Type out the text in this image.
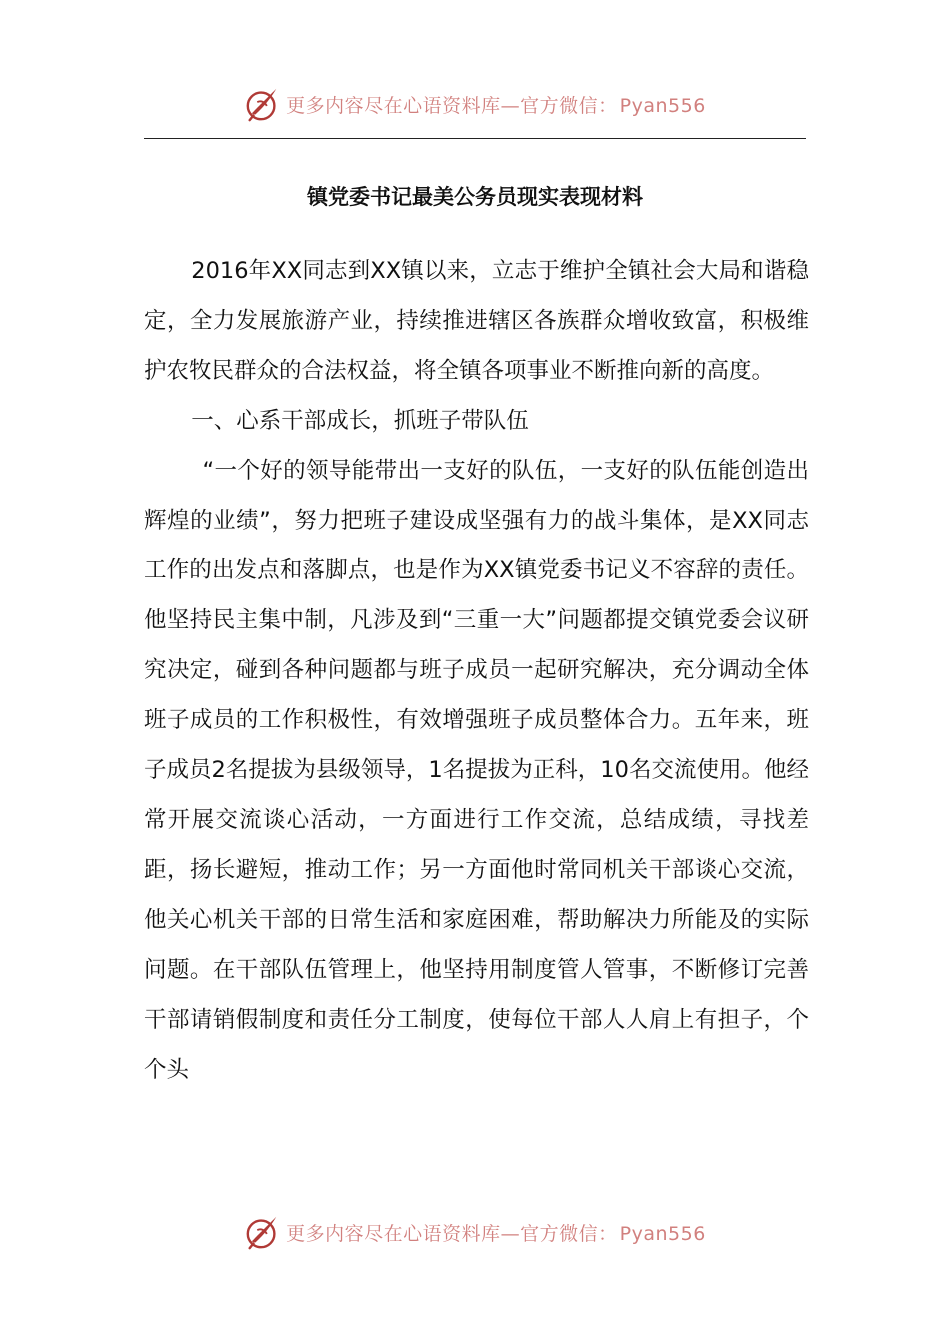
更多内容尽在心语资料库—官方微信： Pyan556
镇党委书记最美公务员现实表现材料

2016年XX同志到XX镇以来，立志于维护全镇社会大局和谐稳定，全力发展旅游产业，持续推进辖区各族群众增收致富，积极维护农牧民群众的合法权益，将全镇各项事业不断推向新的高度。

一、心系干部成长，抓班子带队伍

“一个好的领导能带出一支好的队伍，一支好的队伍能创造出辉煌的业绩”，努力把班子建设成坚强有力的战斗集体，是XX同志工作的出发点和落脚点，也是作为XX镇党委书记义不容辞的责任。他坚持民主集中制，凡涉及到“三重一大”问题都提交镇党委会议研究决定，碰到各种问题都与班子成员一起研究解决，充分调动全体班子成员的工作积极性，有效增强班子成员整体合力。五年来，班子成员2名提拔为县级领导，1名提拔为正科，10名交流使用。他经常开展交流谈心活动，一方面进行工作交流，总结成绩，寻找差距，扬长避短，推动工作；另一方面他时常同机关干部谈心交流，他关心机关干部的日常生活和家庭困难，帮助解决力所能及的实际问题。在干部队伍管理上，他坚持用制度管人管事，不断修订完善干部请销假制度和责任分工制度，使每位干部人人肩上有担子，个个头

更多内容尽在心语资料库—官方微信： Pyan556
